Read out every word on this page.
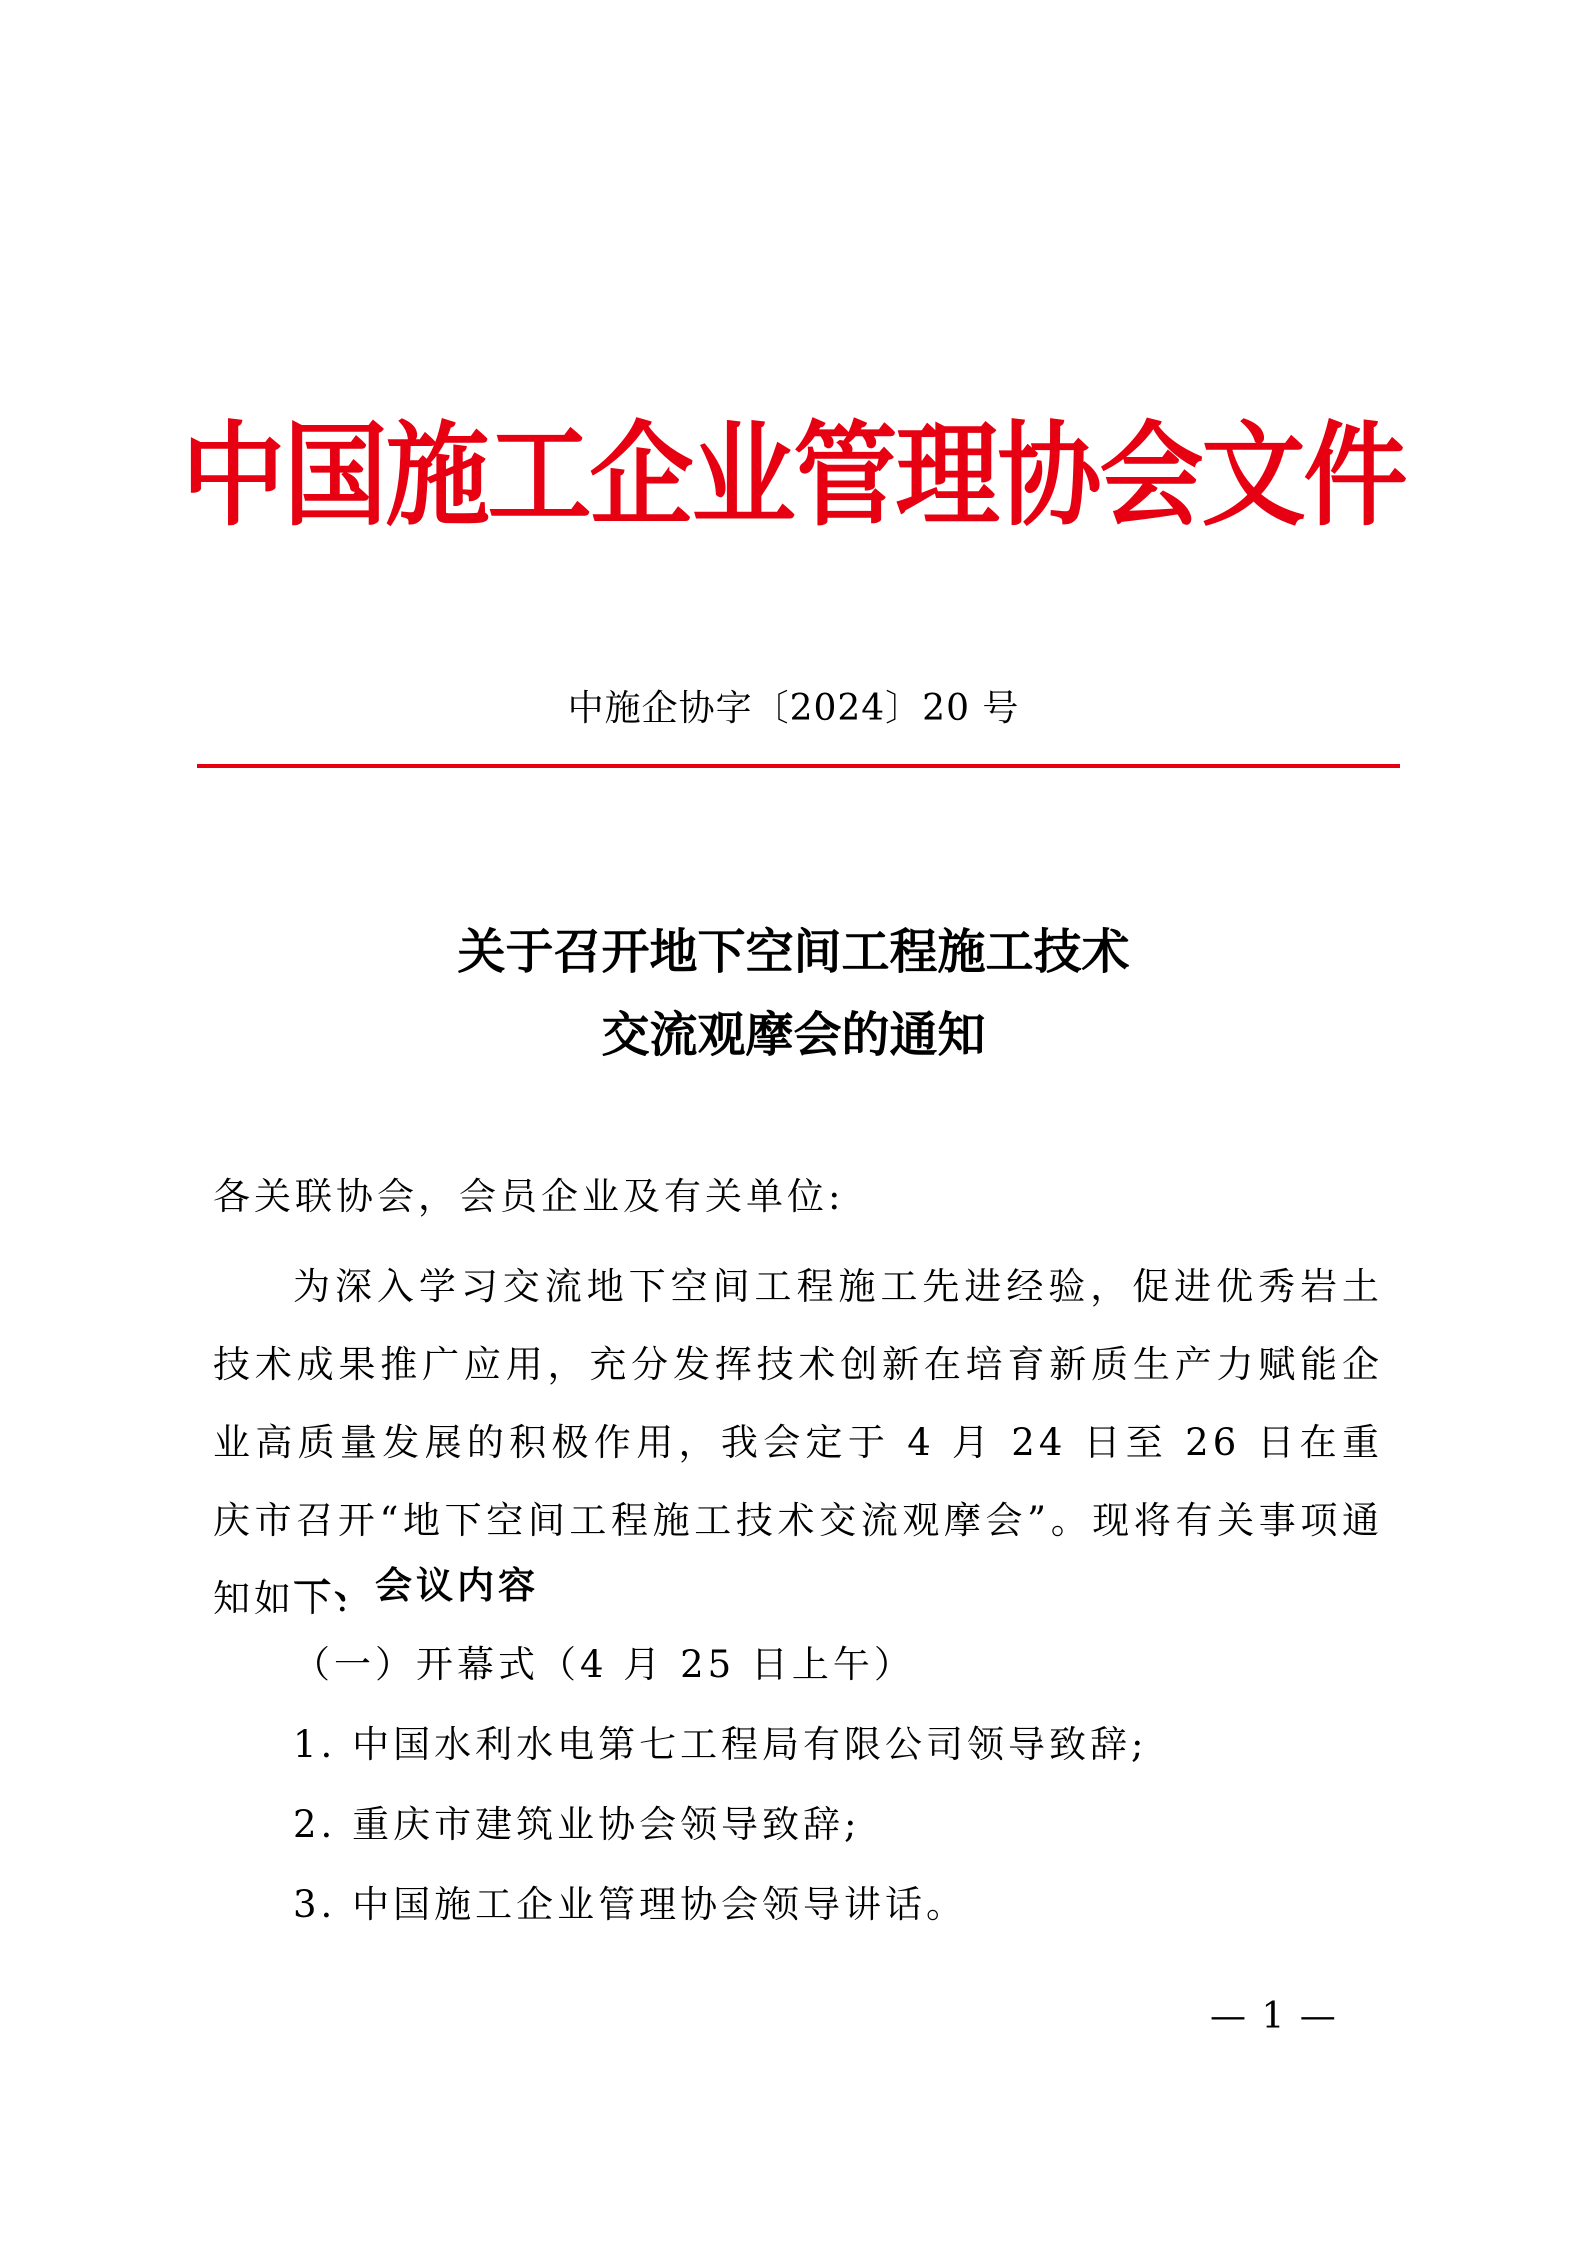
中国施工企业管理协会文件
中施企协字〔2024〕20 号
关于召开地下空间工程施工技术
交流观摩会的通知
各关联协会，会员企业及有关单位:
为深入学习交流地下空间工程施工先进经验，促进优秀岩土技术成果推广应用，充分发挥技术创新在培育新质生产力赋能企业高质量发展的积极作用，我会定于 4 月 24 日至 26 日在重庆市召开“地下空间工程施工技术交流观摩会”。现将有关事项通知如下:
一、会议内容
（一）开幕式（4 月 25 日上午）
1. 中国水利水电第七工程局有限公司领导致辞;
2. 重庆市建筑业协会领导致辞;
3. 中国施工企业管理协会领导讲话。
— 1 —
